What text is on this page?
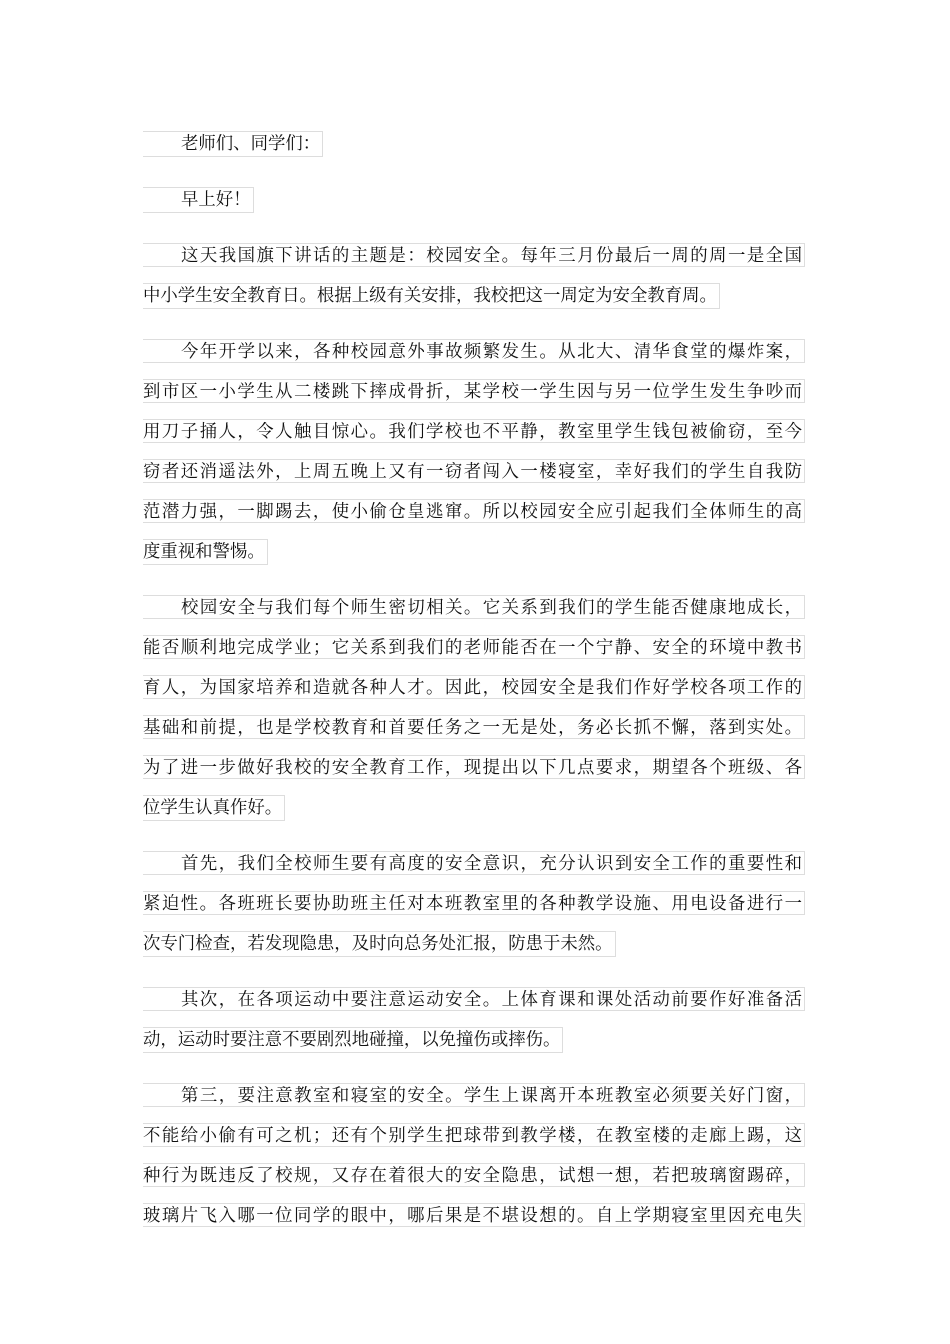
老师们、同学们：
早上好！
这天我国旗下讲话的主题是：校园安全。每年三月份最后一周的周一是全国
中小学生安全教育日。根据上级有关安排，我校把这一周定为安全教育周。
今年开学以来，各种校园意外事故频繁发生。从北大、清华食堂的爆炸案，
到市区一小学生从二楼跳下摔成骨折，某学校一学生因与另一位学生发生争吵而
用刀子捅人，令人触目惊心。我们学校也不平静，教室里学生钱包被偷窃，至今
窃者还消遥法外，上周五晚上又有一窃者闯入一楼寝室，幸好我们的学生自我防
范潜力强，一脚踢去，使小偷仓皇逃窜。所以校园安全应引起我们全体师生的高
度重视和警惕。
校园安全与我们每个师生密切相关。它关系到我们的学生能否健康地成长，
能否顺利地完成学业；它关系到我们的老师能否在一个宁静、安全的环境中教书
育人，为国家培养和造就各种人才。因此，校园安全是我们作好学校各项工作的
基础和前提，也是学校教育和首要任务之一无是处，务必长抓不懈，落到实处。
为了进一步做好我校的安全教育工作，现提出以下几点要求，期望各个班级、各
位学生认真作好。
首先，我们全校师生要有高度的安全意识，充分认识到安全工作的重要性和
紧迫性。各班班长要协助班主任对本班教室里的各种教学设施、用电设备进行一
次专门检查，若发现隐患，及时向总务处汇报，防患于未然。
其次，在各项运动中要注意运动安全。上体育课和课处活动前要作好准备活
动，运动时要注意不要剧烈地碰撞，以免撞伤或摔伤。
第三，要注意教室和寝室的安全。学生上课离开本班教室必须要关好门窗，
不能给小偷有可之机；还有个别学生把球带到教学楼，在教室楼的走廊上踢，这
种行为既违反了校规，又存在着很大的安全隐患，试想一想，若把玻璃窗踢碎，
玻璃片飞入哪一位同学的眼中，哪后果是不堪设想的。自上学期寝室里因充电失
